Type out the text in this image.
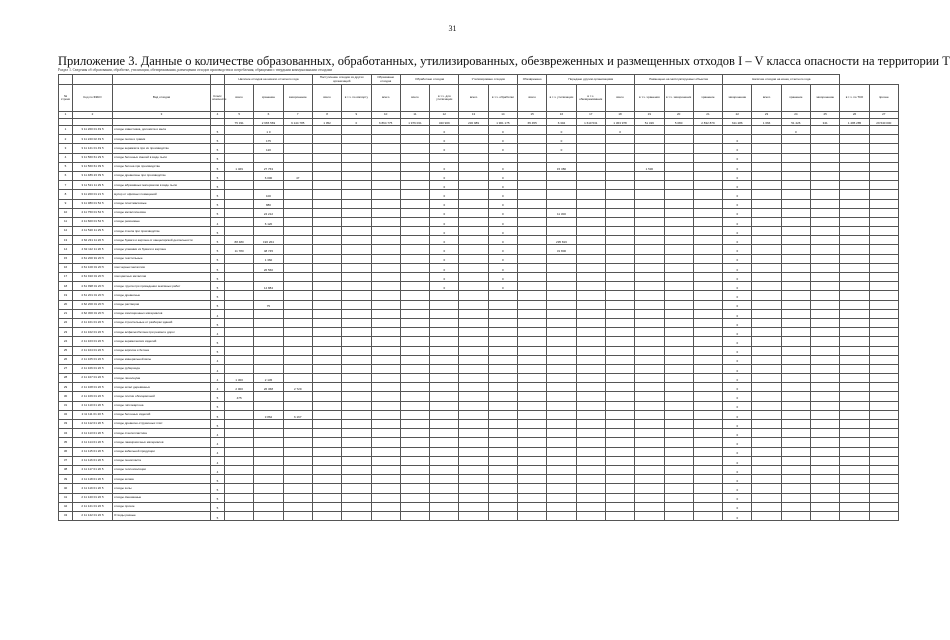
31
Приложение 3. Данные о количестве образованных, обработанных, утилизированных, обезвреженных и размещенных отходов I – V класса опасности на территории Т
Раздел 1. Сведения об образовании, обработке, утилизации, обезвреживании, размещении отходов производства и потребления, обращении с твердыми коммунальными отходами
				Наличие отходов на начало отчетного года			Поступление отходов из других организаций		Образовано отходов	Обработано отходов		Утилизировано отходов		Обезврежено	Передано другим организациям			Размещено на эксплуатируемых объектах			Наличие отходов на конец отчетного года					
№ строки	Код по ФККО	Вид отходов	Класс опасности	всего	хранение	захоронение	всего	в т.ч. по импорту	всего	всего	в т.ч. для утилизации	всего	в т.ч. обработки	всего	в т.ч. утилизации	в т.ч. обезвреживания	всего	в т.ч. хранения	в т.ч. захоронения	хранение	захоронение	всего	хранение	захоронение	в т.ч. по ТКО	прочее
1	2	3	4	5	6	7	8	9	10	11	12	13	14	15	16	17	18	19	20	21	22	23	24	25	26	27
				75 331	2 665 569	9 144 785	1 052	0	6 864 775	1 976 031	340 909	230 989	1 961 175	65 455	6 304	1 610 531	1 363 978	51 326	5 080	2 832 879	611 286	1 666	51 426	341	1 495 285	29 540 000
1	3 11 200 01 49 5	отходы известняка, доломита и мела	5		1 0						0		0		0		0						0			
2	3 11 220 02 49 5	отходы песка и гравия	5		175						0		0		0						0					
3	3 11 121 01 49 5	отходы керамзита при их производстве	5		120						0		0		0						0					
4	3 11 560 61 29 5	отходы бетонных смесей в виде пыли	5																		0					
5	3 11 560 61 39 5	отходы бетона при производстве	5	1 469	27 763						0		0		15 380			1 530			0					
6	3 11 489 23 39 5	отходы древесины при производстве	5		6 000	47					0		0								0					
7	3 11 521 11 29 5	отходы абразивных материалов в виде пыли	5								0		0								0					
8	3 11 200 01 21 5	мусор от офисных помещений	5		100						0		0								0					
9	3 11 380 01 52 5	отходы пластмассовые	5		880						0		0								0					
10	4 11 750 01 52 5	отходы металлические	5		24 212						0		0		11 300						0					
11	4 11 600 01 52 5	отходы резиновые	4		6 120						0		0								0					
12	4 11 520 11 29 5	отходы стекла при производстве	5								0		0								0					
13	4 62 231 11 20 5	отходы бумаги и картона от канцелярской деятельности	5	88 480	196 264						0		0		295 816						0					
14	4 62 112 11 20 5	отходы упаковки из бумаги и картона	5	11 780	48 745						0		0		31 800						0					
15	4 61 200 91 20 5	отходы текстильные	5		1 360						0		0								0					
16	4 61 100 01 20 5	лом черных металлов	5		26 560						0		0								0					
17	4 61 910 01 20 5	лом цветных металлов	5								0		0								0					
18	4 61 998 01 20 5	отходы грунта при проведении земляных работ	5		14 884						0		0								0					
19	4 61 201 01 20 5	отходы древесные	5																		0					
20	4 62 200 01 20 5	отходы растворов	5		75																0					
21	4 62 300 01 20 5	отходы изоляционных материалов	4																		0					
22	2 11 101 01 20 5	отходы строительные от разборки зданий	5																		0					
23	2 11 102 01 20 5	отходы асфальтобетона при ремонте дорог	4																		0					
24	2 11 103 01 20 5	отходы керамических изделий	5																		0					
25	2 11 104 01 20 5	отходы кирпича и бетона	5																		0					
26	2 11 105 01 20 5	отходы минеральной ваты	4																		0					
27	2 11 106 01 20 5	отходы рубероида	4																		0					
28	2 11 107 01 20 5	отходы линолеума	4	1 300	2 145																0					
29	2 11 108 01 20 5	отходы шпал деревянных	4	2 000	26 368	2 729															0					
30	2 11 109 01 20 5	отходы плитки облицовочной	5	475																	0					
31	2 11 110 01 20 5	отходы гипсокартона	5																		0					
32	2 11 111 01 20 5	отходы бетонных изделий	5		3 862	6 167															0					
33	2 11 112 01 20 5	отходы древесно-стружечных плит	5																		0					
34	2 11 113 01 20 5	отходы стеклопластика	4																		0					
35	2 11 114 01 20 5	отходы лакокрасочных материалов	4																		0					
36	2 11 115 01 20 5	отходы кабельной продукции	4																		0					
37	2 11 116 01 20 5	отходы пенопласта	4																		0					
38	2 11 117 01 20 5	отходы теплоизоляции	4																		0					
39	2 11 118 01 20 5	отходы шлака	5																		0					
40	2 11 119 01 20 5	отходы золы	5																		0					
41	2 11 120 01 20 5	отходы смешанные	5																		0					
42	2 11 121 01 20 5	отходы прочие	5																		0					
43	2 11 122 01 20 5	Отходы разные	5																		0					
